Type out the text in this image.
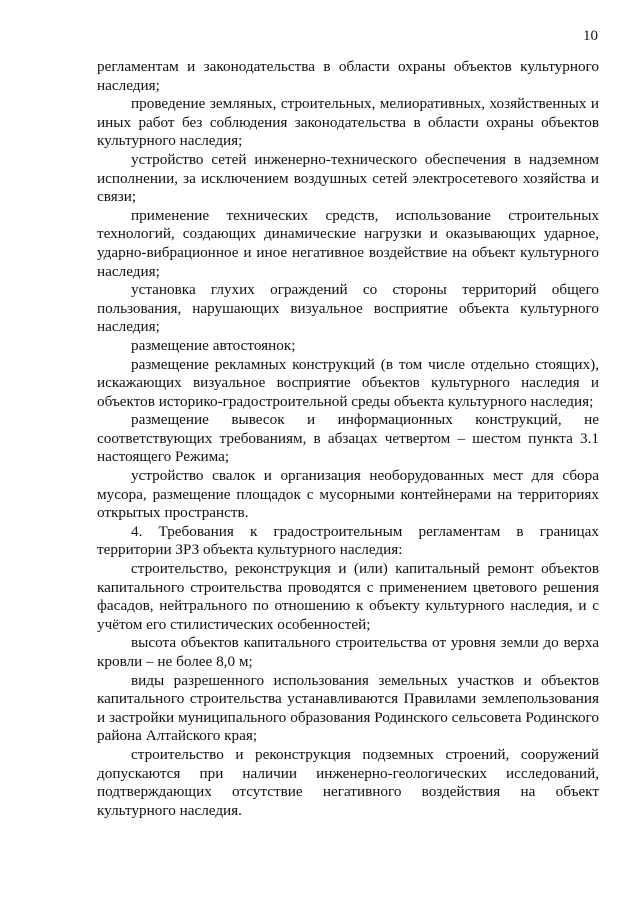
10

регламентам и законодательства в области охраны объектов культурного наследия;

проведение земляных, строительных, мелиоративных, хозяйственных и иных работ без соблюдения законодательства в области охраны объектов культурного наследия;

устройство сетей инженерно-технического обеспечения в надземном исполнении, за исключением воздушных сетей электросетевого хозяйства и связи;

применение технических средств, использование строительных технологий, создающих динамические нагрузки и оказывающих ударное, ударно-вибрационное и иное негативное воздействие на объект культурного наследия;

установка глухих ограждений со стороны территорий общего пользования, нарушающих визуальное восприятие объекта культурного наследия;

размещение автостоянок;

размещение рекламных конструкций (в том числе отдельно стоящих), искажающих визуальное восприятие объектов культурного наследия и объектов историко-градостроительной среды объекта культурного наследия;

размещение вывесок и информационных конструкций, не соответствующих требованиям, в абзацах четвертом – шестом пункта 3.1 настоящего Режима;

устройство свалок и организация необорудованных мест для сбора мусора, размещение площадок с мусорными контейнерами на территориях открытых пространств.

4. Требования к градостроительным регламентам в границах территории ЗРЗ объекта культурного наследия:

строительство, реконструкция и (или) капитальный ремонт объектов капитального строительства проводятся с применением цветового решения фасадов, нейтрального по отношению к объекту культурного наследия, и с учётом его стилистических особенностей;

высота объектов капитального строительства от уровня земли до верха кровли – не более 8,0 м;

виды разрешенного использования земельных участков и объектов капитального строительства устанавливаются Правилами землепользования и застройки муниципального образования Родинского сельсовета Родинского района Алтайского края;

строительство и реконструкция подземных строений, сооружений допускаются при наличии инженерно-геологических исследований, подтверждающих отсутствие негативного воздействия на объект культурного наследия.
